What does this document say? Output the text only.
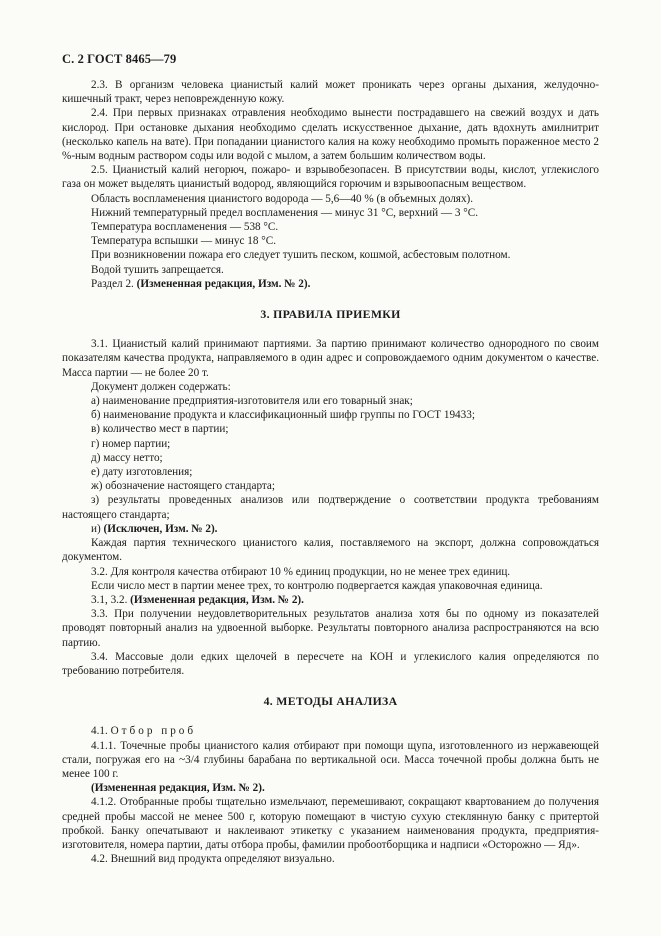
С. 2 ГОСТ 8465—79

2.3. В организм человека цианистый калий может проникать через органы дыхания, желудочно-кишечный тракт, через неповрежденную кожу.

2.4. При первых признаках отравления необходимо вынести пострадавшего на свежий воздух и дать кислород. При остановке дыхания необходимо сделать искусственное дыхание, дать вдохнуть амилнитрит (несколько капель на вате). При попадании цианистого калия на кожу необходимо промыть пораженное место 2 %-ным водным раствором соды или водой с мылом, а затем большим количеством воды.

2.5. Цианистый калий негорюч, пожаро- и взрывобезопасен. В присутствии воды, кислот, углекислого газа он может выделять цианистый водород, являющийся горючим и взрывоопасным веществом.

Область воспламенения цианистого водорода — 5,6—40 % (в объемных долях).

Нижний температурный предел воспламенения — минус 31 °С, верхний — 3 °С.

Температура воспламенения — 538 °С.

Температура вспышки — минус 18 °С.

При возникновении пожара его следует тушить песком, кошмой, асбестовым полотном.

Водой тушить запрещается.

Раздел 2. (Измененная редакция, Изм. № 2).

3. ПРАВИЛА ПРИЕМКИ

3.1. Цианистый калий принимают партиями. За партию принимают количество однородного по своим показателям качества продукта, направляемого в один адрес и сопровождаемого одним документом о качестве. Масса партии — не более 20 т.

Документ должен содержать:

а) наименование предприятия-изготовителя или его товарный знак;

б) наименование продукта и классификационный шифр группы по ГОСТ 19433;

в) количество мест в партии;

г) номер партии;

д) массу нетто;

е) дату изготовления;

ж) обозначение настоящего стандарта;

з) результаты проведенных анализов или подтверждение о соответствии продукта требованиям настоящего стандарта;

и) (Исключен, Изм. № 2).

Каждая партия технического цианистого калия, поставляемого на экспорт, должна сопровождаться документом.

3.2. Для контроля качества отбирают 10 % единиц продукции, но не менее трех единиц.

Если число мест в партии менее трех, то контролю подвергается каждая упаковочная единица.

3.1, 3.2. (Измененная редакция, Изм. № 2).

3.3. При получении неудовлетворительных результатов анализа хотя бы по одному из показателей проводят повторный анализ на удвоенной выборке. Результаты повторного анализа распространяются на всю партию.

3.4. Массовые доли едких щелочей в пересчете на КОН и углекислого калия определяются по требованию потребителя.

4. МЕТОДЫ АНАЛИЗА

4.1. Отбор проб

4.1.1. Точечные пробы цианистого калия отбирают при помощи щупа, изготовленного из нержавеющей стали, погружая его на ~3/4 глубины барабана по вертикальной оси. Масса точечной пробы должна быть не менее 100 г.

(Измененная редакция, Изм. № 2).

4.1.2. Отобранные пробы тщательно измельчают, перемешивают, сокращают квартованием до получения средней пробы массой не менее 500 г, которую помещают в чистую сухую стеклянную банку с притертой пробкой. Банку опечатывают и наклеивают этикетку с указанием наименования продукта, предприятия-изготовителя, номера партии, даты отбора пробы, фамилии пробоотборщика и надписи «Осторожно — Яд».

4.2. Внешний вид продукта определяют визуально.
